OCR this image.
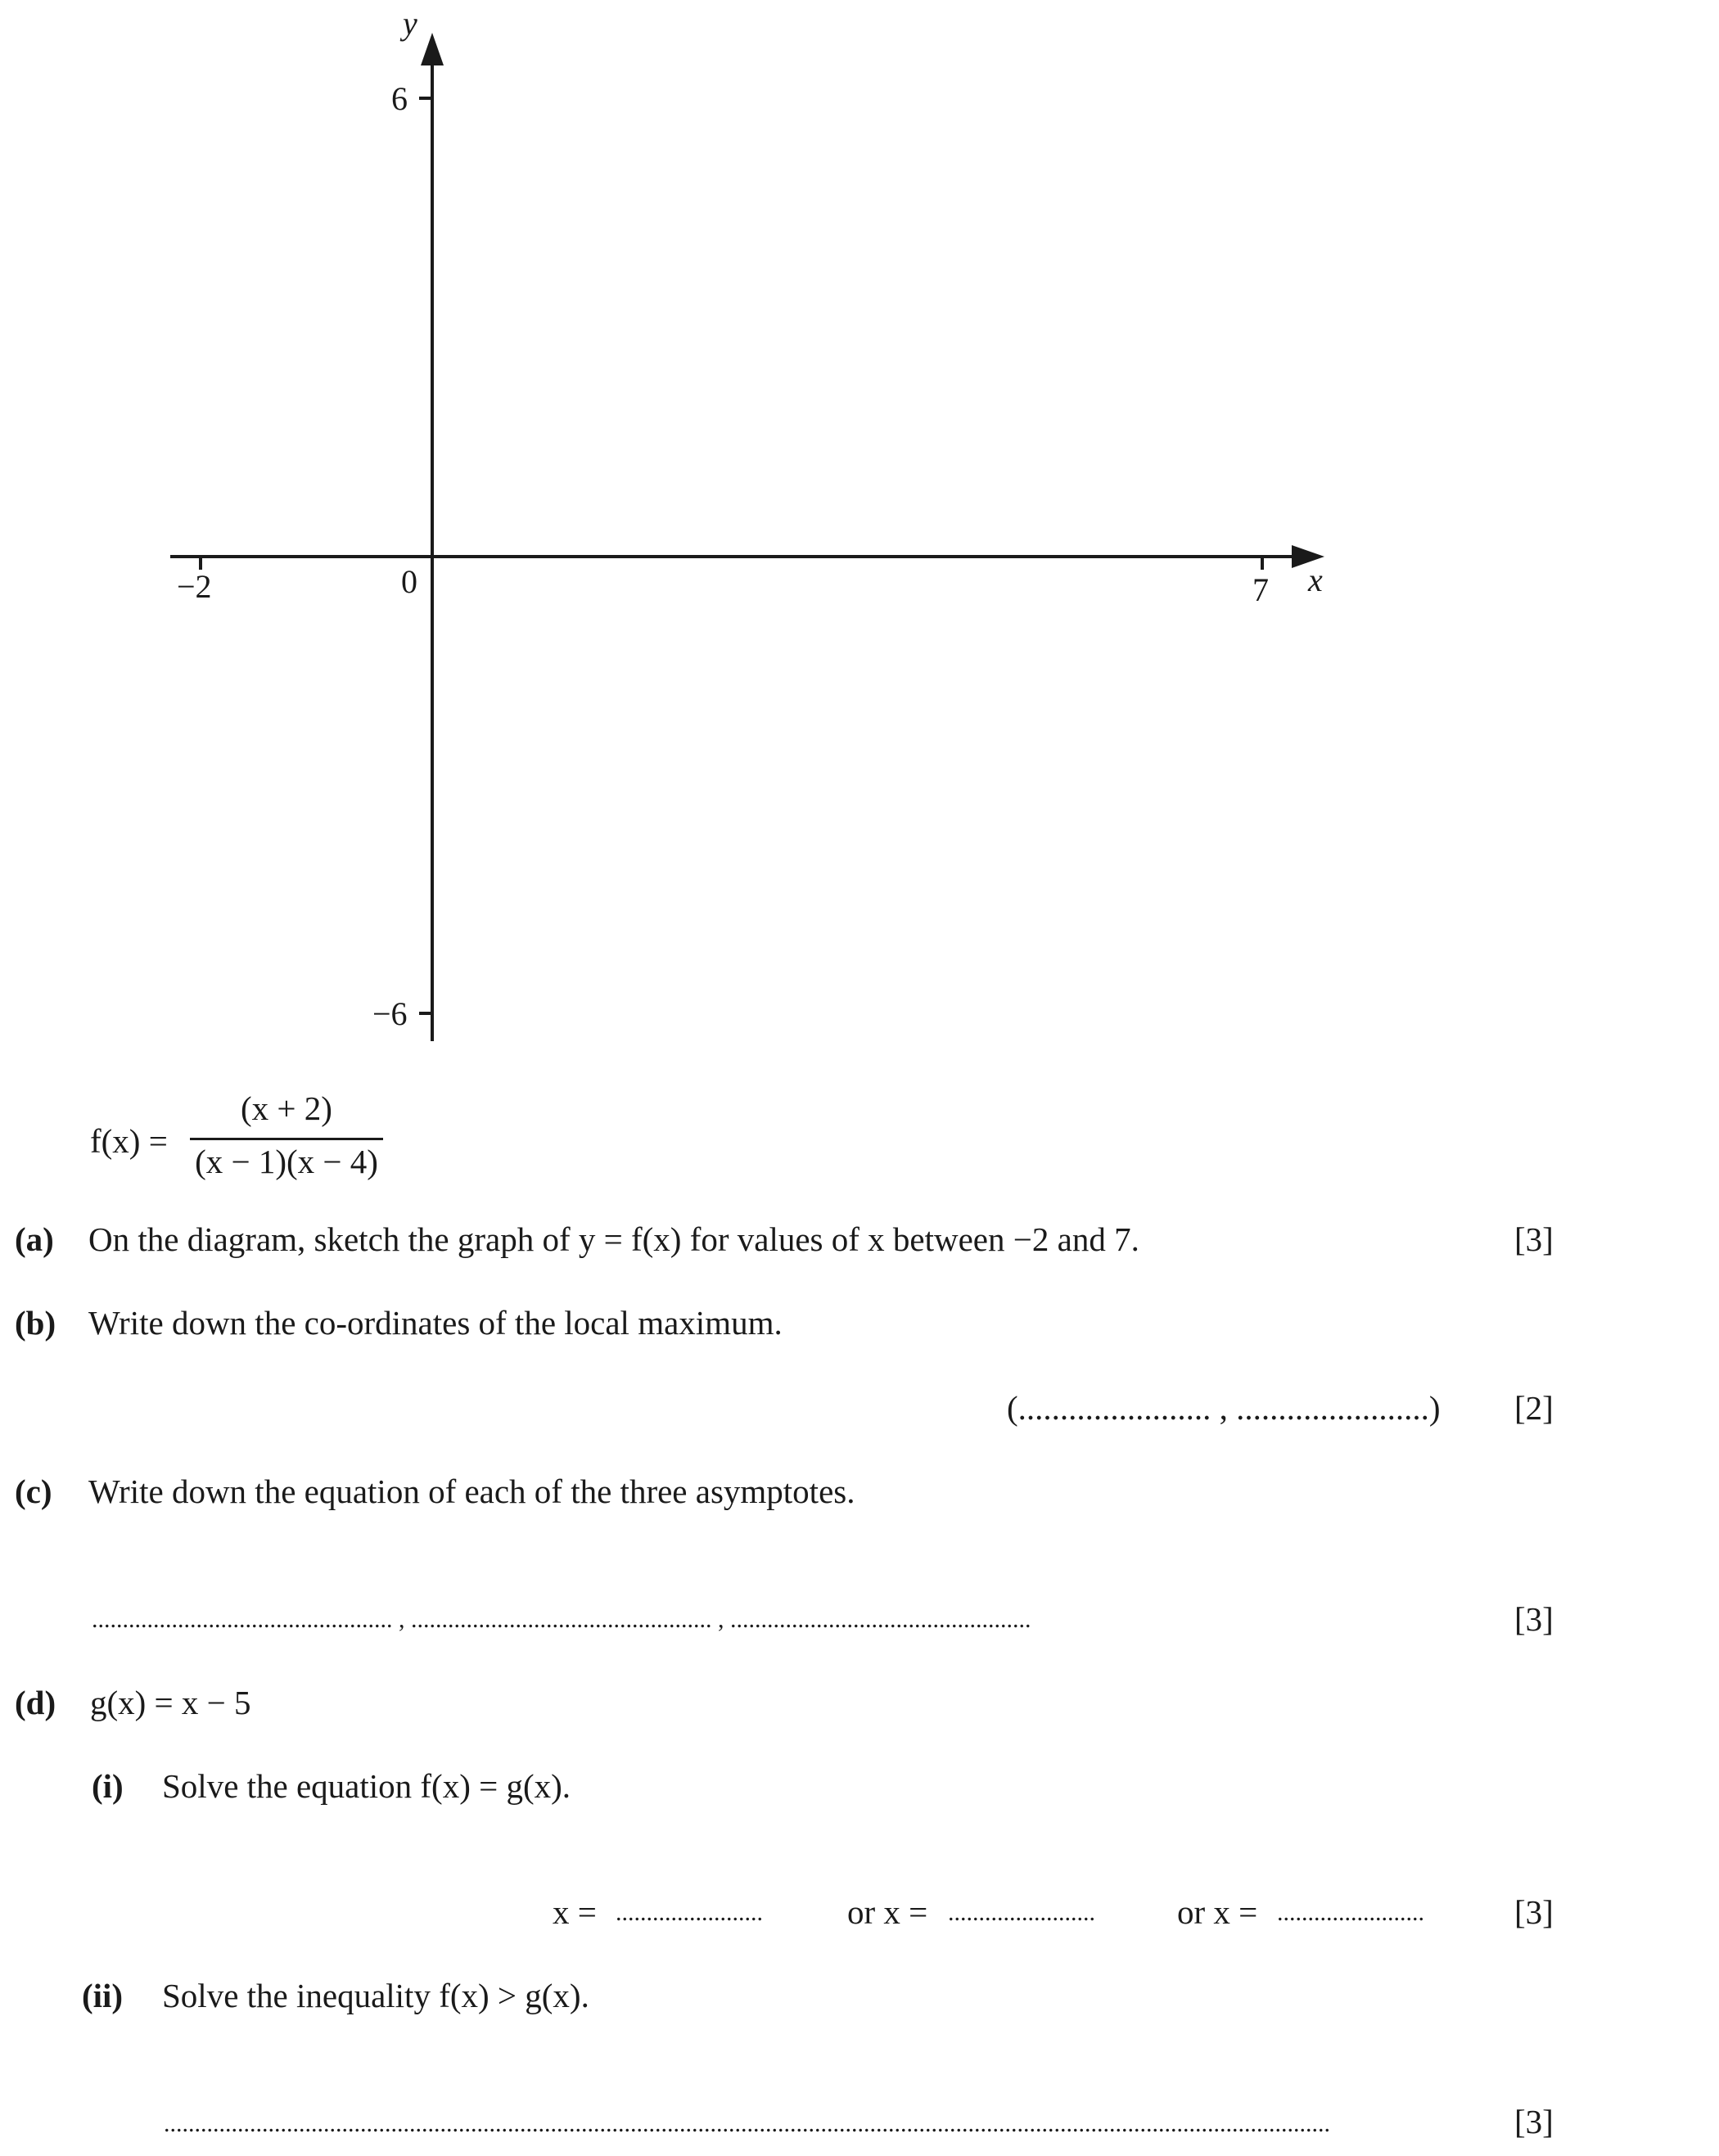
y
6
−6
−2	0	7 x
f(x) =
(x + 2)
(x − 1)(x − 4)
(a) On the diagram, sketch the graph of y = f(x) for values of x between −2 and 7.	[3]
(b) Write down the co-ordinates of the local maximum.
(....................... , .......................) [2]
(c) Write down the equation of each of the three asymptotes.
................................................. , ................................................. , .................................................	[3]
(d) g(x) = x − 5
(i) Solve the equation f(x) = g(x).
x = ........................	or x = ........................ or x = ........................	[3]
(ii) Solve the inequality f(x) > g(x).
..............................................................................................................................................................................................	[3]
